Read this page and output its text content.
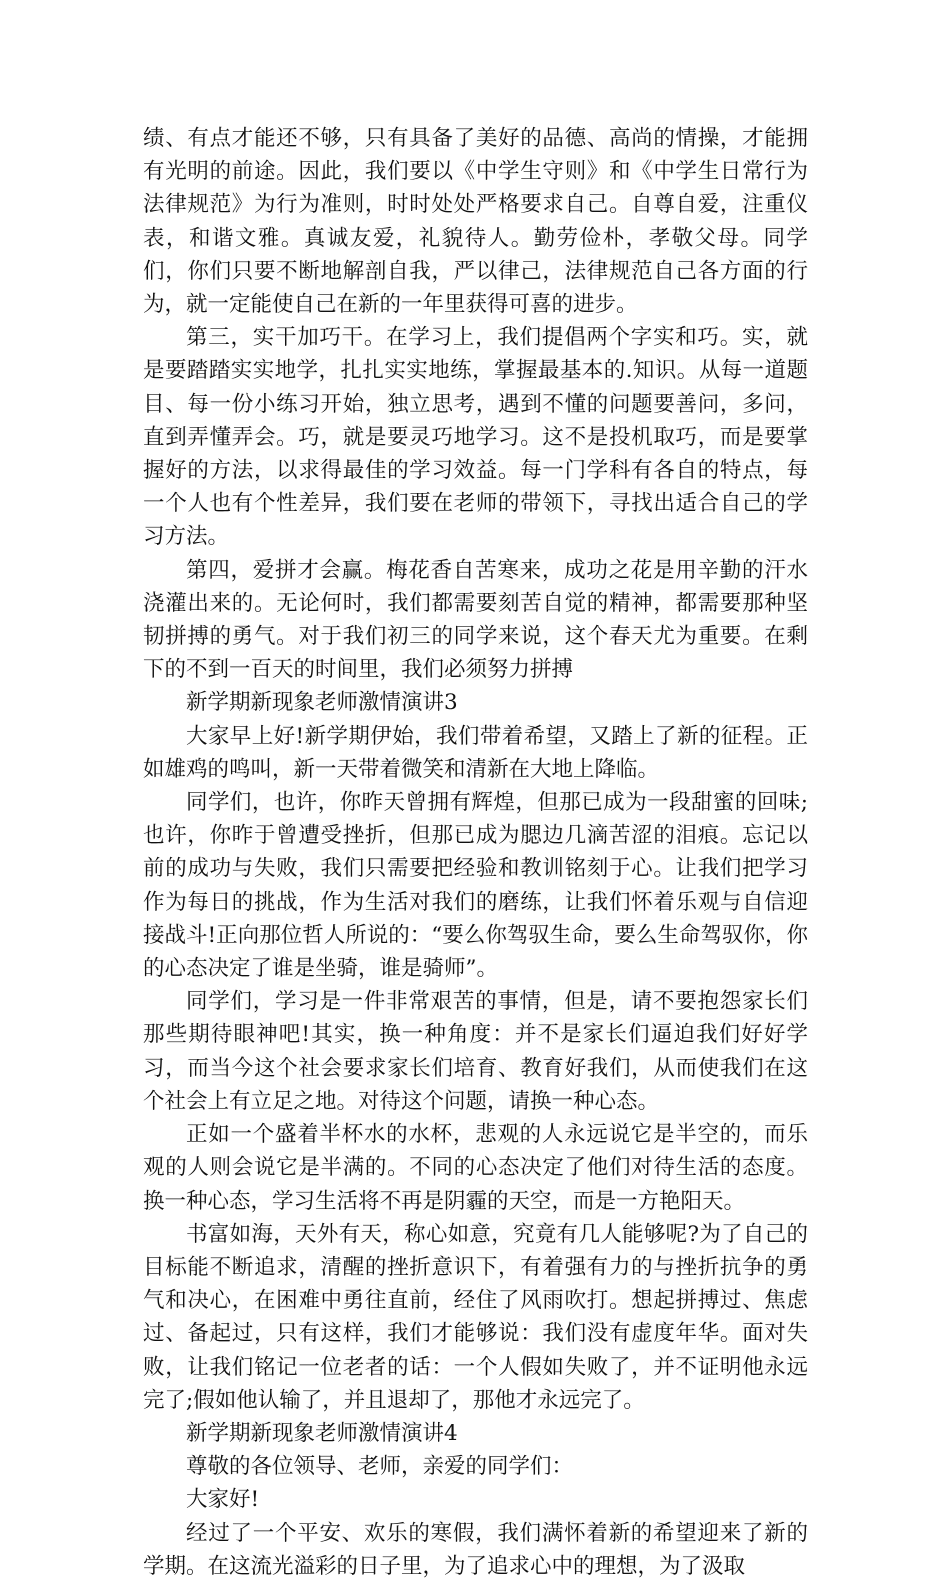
绩、有点才能还不够，只有具备了美好的品德、高尚的情操，才能拥有光明的前途。因此，我们要以《中学生守则》和《中学生日常行为法律规范》为行为准则，时时处处严格要求自己。自尊自爱，注重仪表，和谐文雅。真诚友爱，礼貌待人。勤劳俭朴，孝敬父母。同学们，你们只要不断地解剖自我，严以律己，法律规范自己各方面的行为，就一定能使自己在新的一年里获得可喜的进步。

第三，实干加巧干。在学习上，我们提倡两个字实和巧。实，就是要踏踏实实地学，扎扎实实地练，掌握最基本的.知识。从每一道题目、每一份小练习开始，独立思考，遇到不懂的问题要善问，多问，直到弄懂弄会。巧，就是要灵巧地学习。这不是投机取巧，而是要掌握好的方法，以求得最佳的学习效益。每一门学科有各自的特点，每一个人也有个性差异，我们要在老师的带领下，寻找出适合自己的学习方法。

第四，爱拼才会赢。梅花香自苦寒来，成功之花是用辛勤的汗水浇灌出来的。无论何时，我们都需要刻苦自觉的精神，都需要那种坚韧拼搏的勇气。对于我们初三的同学来说，这个春天尤为重要。在剩下的不到一百天的时间里，我们必须努力拼搏

新学期新现象老师激情演讲3

大家早上好!新学期伊始，我们带着希望，又踏上了新的征程。正如雄鸡的鸣叫，新一天带着微笑和清新在大地上降临。

同学们，也许，你昨天曾拥有辉煌，但那已成为一段甜蜜的回味;也许，你昨于曾遭受挫折，但那已成为腮边几滴苦涩的泪痕。忘记以前的成功与失败，我们只需要把经验和教训铭刻于心。让我们把学习作为每日的挑战，作为生活对我们的磨练，让我们怀着乐观与自信迎接战斗!正向那位哲人所说的：“要么你驾驭生命，要么生命驾驭你，你的心态决定了谁是坐骑，谁是骑师”。

同学们，学习是一件非常艰苦的事情，但是，请不要抱怨家长们那些期待眼神吧!其实，换一种角度：并不是家长们逼迫我们好好学习，而当今这个社会要求家长们培育、教育好我们，从而使我们在这个社会上有立足之地。对待这个问题，请换一种心态。

正如一个盛着半杯水的水杯，悲观的人永远说它是半空的，而乐观的人则会说它是半满的。不同的心态决定了他们对待生活的态度。换一种心态，学习生活将不再是阴霾的天空，而是一方艳阳天。

书富如海，天外有天，称心如意，究竟有几人能够呢?为了自己的目标能不断追求，清醒的挫折意识下，有着强有力的与挫折抗争的勇气和决心，在困难中勇往直前，经住了风雨吹打。想起拼搏过、焦虑过、备起过，只有这样，我们才能够说：我们没有虚度年华。面对失败，让我们铭记一位老者的话：一个人假如失败了，并不证明他永远完了;假如他认输了，并且退却了，那他才永远完了。

新学期新现象老师激情演讲4

尊敬的各位领导、老师，亲爱的同学们：

大家好!

经过了一个平安、欢乐的寒假，我们满怀着新的希望迎来了新的学期。在这流光溢彩的日子里，为了追求心中的理想，为了汲取
